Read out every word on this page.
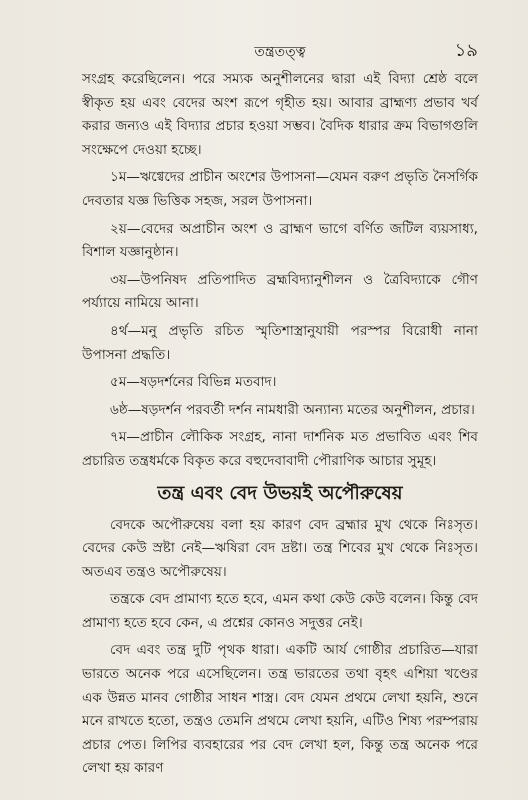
তন্ত্রতত্ত্ব	১৯

সংগ্রহ করেছিলেন। পরে সম্যক অনুশীলনের দ্বারা এই বিদ্যা শ্রেষ্ঠ বলে স্বীকৃত হয় এবং বেদের অংশ রূপে গৃহীত হয়। আবার ব্রাহ্মণ্য প্রভাব খর্ব করার জন্যও এই বিদ্যার প্রচার হওয়া সম্ভব। বৈদিক ধারার ক্রম বিভাগগুলি সংক্ষেপে দেওয়া হচ্ছে।

১ম—ঋগ্বেদের প্রাচীন অংশের উপাসনা—যেমন বরুণ প্রভৃতি নৈসর্গিক দেবতার যজ্ঞ ভিত্তিক সহজ, সরল উপাসনা।

২য়—বেদের অপ্রাচীন অংশ ও ব্রাহ্মণ ভাগে বর্ণিত জটিল ব্যয়সাধ্য, বিশাল যজ্ঞানুষ্ঠান।

৩য়—উপনিষদ প্রতিপাদিত ব্রহ্মবিদ্যানুশীলন ও ত্রৈবিদ্যাকে গৌণ পর্য্যায়ে নামিয়ে আনা।

৪র্থ—মনু প্রভৃতি রচিত স্মৃতিশাস্ত্রানুযায়ী পরস্পর বিরোধী নানা উপাসনা প্রদ্ধতি।

৫ম—ষড়দর্শনের বিভিন্ন মতবাদ।

৬ষ্ঠ—ষড়দর্শন পরবর্তী দর্শন নামধারী অন্যান্য মতের অনুশীলন, প্রচার।

৭ম—প্রাচীন লৌকিক সংগ্রহ, নানা দার্শনিক মত প্রভাবিত এবং শিব প্রচারিত তন্ত্রধর্মকে বিকৃত করে বহুদেবাবাদী পৌরাণিক আচার সুমূহ।

তন্ত্র এবং বেদ উভয়ই অপৌরুষেয়

বেদকে অপৌরুষেয় বলা হয় কারণ বেদ ব্রহ্মার মুখ থেকে নিঃসৃত। বেদের কেউ স্রষ্টা নেই—ঋষিরা বেদ দ্রষ্টা। তন্ত্র শিবের মুখ থেকে নিঃসৃত। অতএব তন্ত্রও অপৌরুষেয়।

তন্ত্রকে বেদ প্রামাণ্য হতে হবে, এমন কথা কেউ কেউ বলেন। কিন্তু বেদ প্রামাণ্য হতে হবে কেন, এ প্রশ্নের কোনও সদুত্তর নেই।

বেদ এবং তন্ত্র দুটি পৃথক ধারা। একটি আর্য গোষ্ঠীর প্রচারিত—যারা ভারতে অনেক পরে এসেছিলেন। তন্ত্র ভারতের তথা বৃহৎ এশিয়া খণ্ডের এক উন্নত মানব গোষ্ঠীর সাধন শাস্ত্র। বেদ যেমন প্রথমে লেখা হয়নি, শুনে মনে রাখতে হতো, তন্ত্রও তেমনি প্রথমে লেখা হয়নি, এটিও শিষ্য পরম্পরায় প্রচার পেত। লিপির ব্যবহারের পর বেদ লেখা হল, কিন্তু তন্ত্র অনেক পরে লেখা হয় কারণ
